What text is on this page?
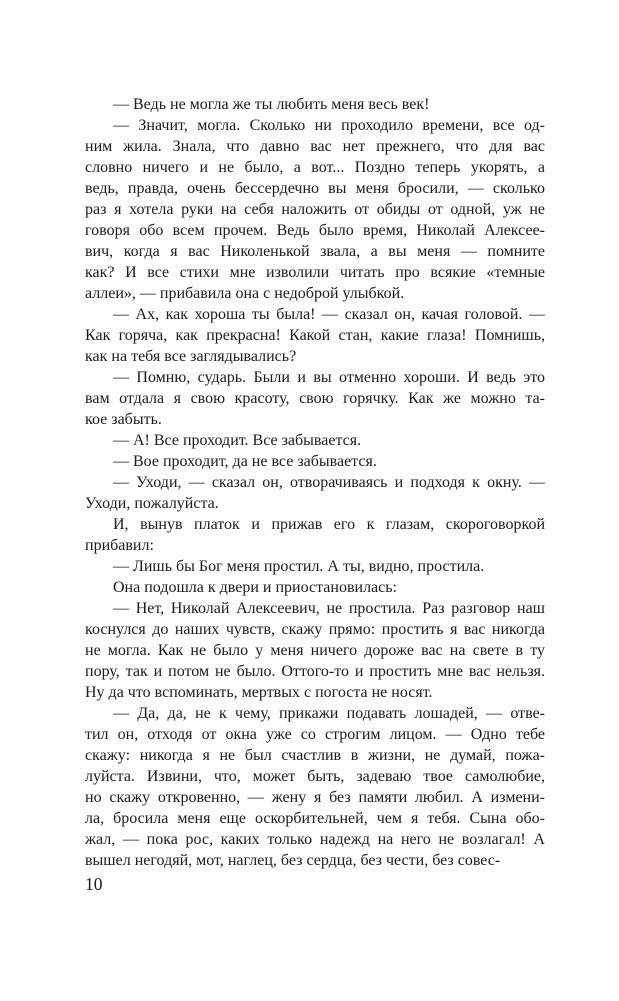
— Ведь не могла же ты любить меня весь век!
— Значит, могла. Сколько ни проходило времени, все од-
ним жила. Знала, что давно вас нет прежнего, что для вас
словно ничего и не было, а вот... Поздно теперь укорять, а
ведь, правда, очень бессердечно вы меня бросили, — сколько
раз я хотела руки на себя наложить от обиды от одной, уж не
говоря обо всем прочем. Ведь было время, Николай Алексее-
вич, когда я вас Николенькой звала, а вы меня — помните
как? И все стихи мне изволили читать про всякие «темные
аллеи», — прибавила она с недоброй улыбкой.
— Ах, как хороша ты была! — сказал он, качая головой. —
Как горяча, как прекрасна! Какой стан, какие глаза! Помнишь,
как на тебя все заглядывались?
— Помню, сударь. Были и вы отменно хороши. И ведь это
вам отдала я свою красоту, свою горячку. Как же можно та-
кое забыть.
— А! Все проходит. Все забывается.
— Вое проходит, да не все забывается.
— Уходи, — сказал он, отворачиваясь и подходя к окну. —
Уходи, пожалуйста.
И, вынув платок и прижав его к глазам, скороговоркой
прибавил:
— Лишь бы Бог меня простил. А ты, видно, простила.
Она подошла к двери и приостановилась:
— Нет, Николай Алексеевич, не простила. Раз разговор наш
коснулся до наших чувств, скажу прямо: простить я вас никогда
не могла. Как не было у меня ничего дороже вас на свете в ту
пору, так и потом не было. Оттого-то и простить мне вас нельзя.
Ну да что вспоминать, мертвых с погоста не носят.
— Да, да, не к чему, прикажи подавать лошадей, — отве-
тил он, отходя от окна уже со строгим лицом. — Одно тебе
скажу: никогда я не был счастлив в жизни, не думай, пожа-
луйста. Извини, что, может быть, задеваю твое самолюбие,
но скажу откровенно, — жену я без памяти любил. А измени-
ла, бросила меня еще оскорбительней, чем я тебя. Сына обо-
жал, — пока рос, каких только надежд на него не возлагал! А
вышел негодяй, мот, наглец, без сердца, без чести, без совес-
10
